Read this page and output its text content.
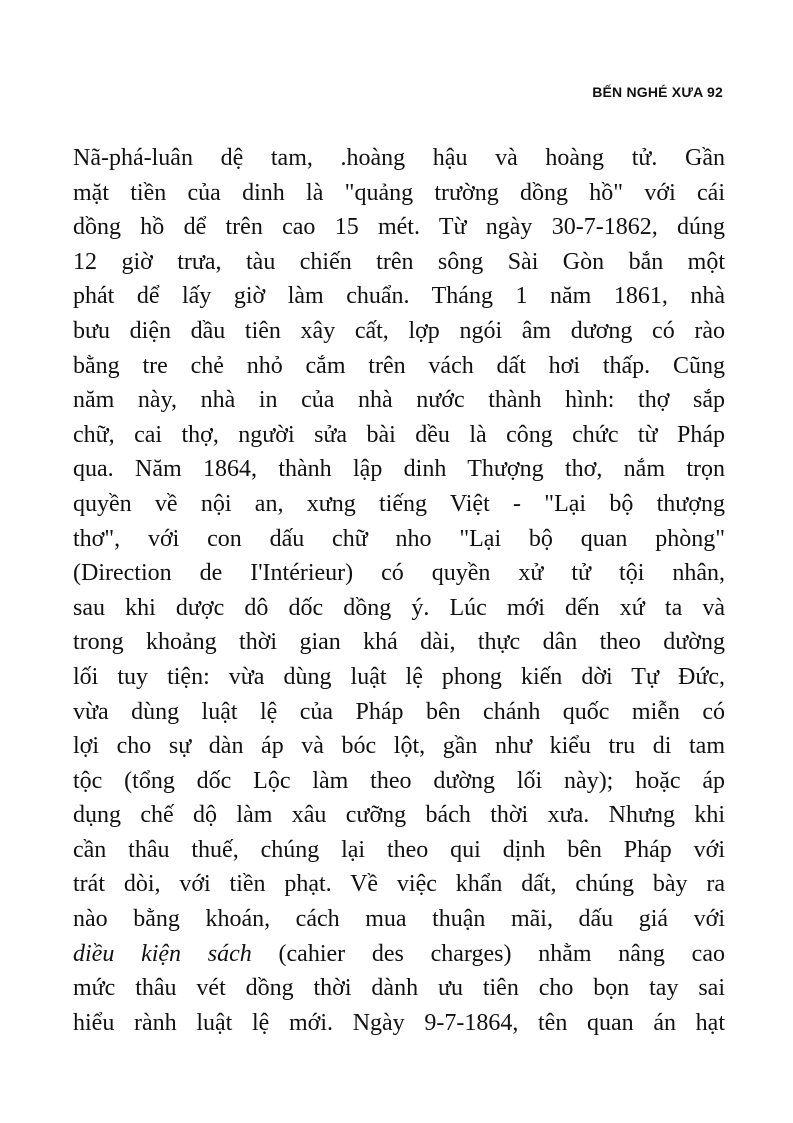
BẾN NGHÉ XƯA 92
Nã-phá-luân dệ tam, .hoàng hậu và hoàng tử. Gần
mặt tiền của dinh là "quảng trường dồng hồ" với cái
dồng hồ dể trên cao 15 mét. Từ ngày 30-7-1862, dúng
12 giờ trưa, tàu chiến trên sông Sài Gòn bắn một
phát dể lấy giờ làm chuẩn. Tháng 1 năm 1861, nhà
bưu diện dầu tiên xây cất, lợp ngói âm dương có rào
bằng tre chẻ nhỏ cắm trên vách dất hơi thấp. Cũng
năm này, nhà in của nhà nước thành hình: thợ sắp
chữ, cai thợ, người sửa bài dều là công chức từ Pháp
qua. Năm 1864, thành lập dinh Thượng thơ, nắm trọn
quyền về nội an, xưng tiếng Việt - "Lại bộ thượng
thơ", với con dấu chữ nho "Lại bộ quan phòng"
(Direction de I'Intérieur) có quyền xử tử tội nhân,
sau khi dược dô dốc dồng ý. Lúc mới dến xứ ta và
trong khoảng thời gian khá dài, thực dân theo dường
lối tuy tiện: vừa dùng luật lệ phong kiến dời Tự Đức,
vừa dùng luật lệ của Pháp bên chánh quốc miễn có
lợi cho sự dàn áp và bóc lột, gần như kiểu tru di tam
tộc (tổng dốc Lộc làm theo dường lối này); hoặc áp
dụng chế dộ làm xâu cưỡng bách thời xưa. Nhưng khi
cần thâu thuế, chúng lại theo qui dịnh bên Pháp với
trát dòi, với tiền phạt. Về việc khẩn dất, chúng bày ra
nào bằng khoán, cách mua thuận mãi, dấu giá với
diều kiện sách (cahier des charges) nhằm nâng cao
mức thâu vét dồng thời dành ưu tiên cho bọn tay sai
hiểu rành luật lệ mới. Ngày 9-7-1864, tên quan án hạt
